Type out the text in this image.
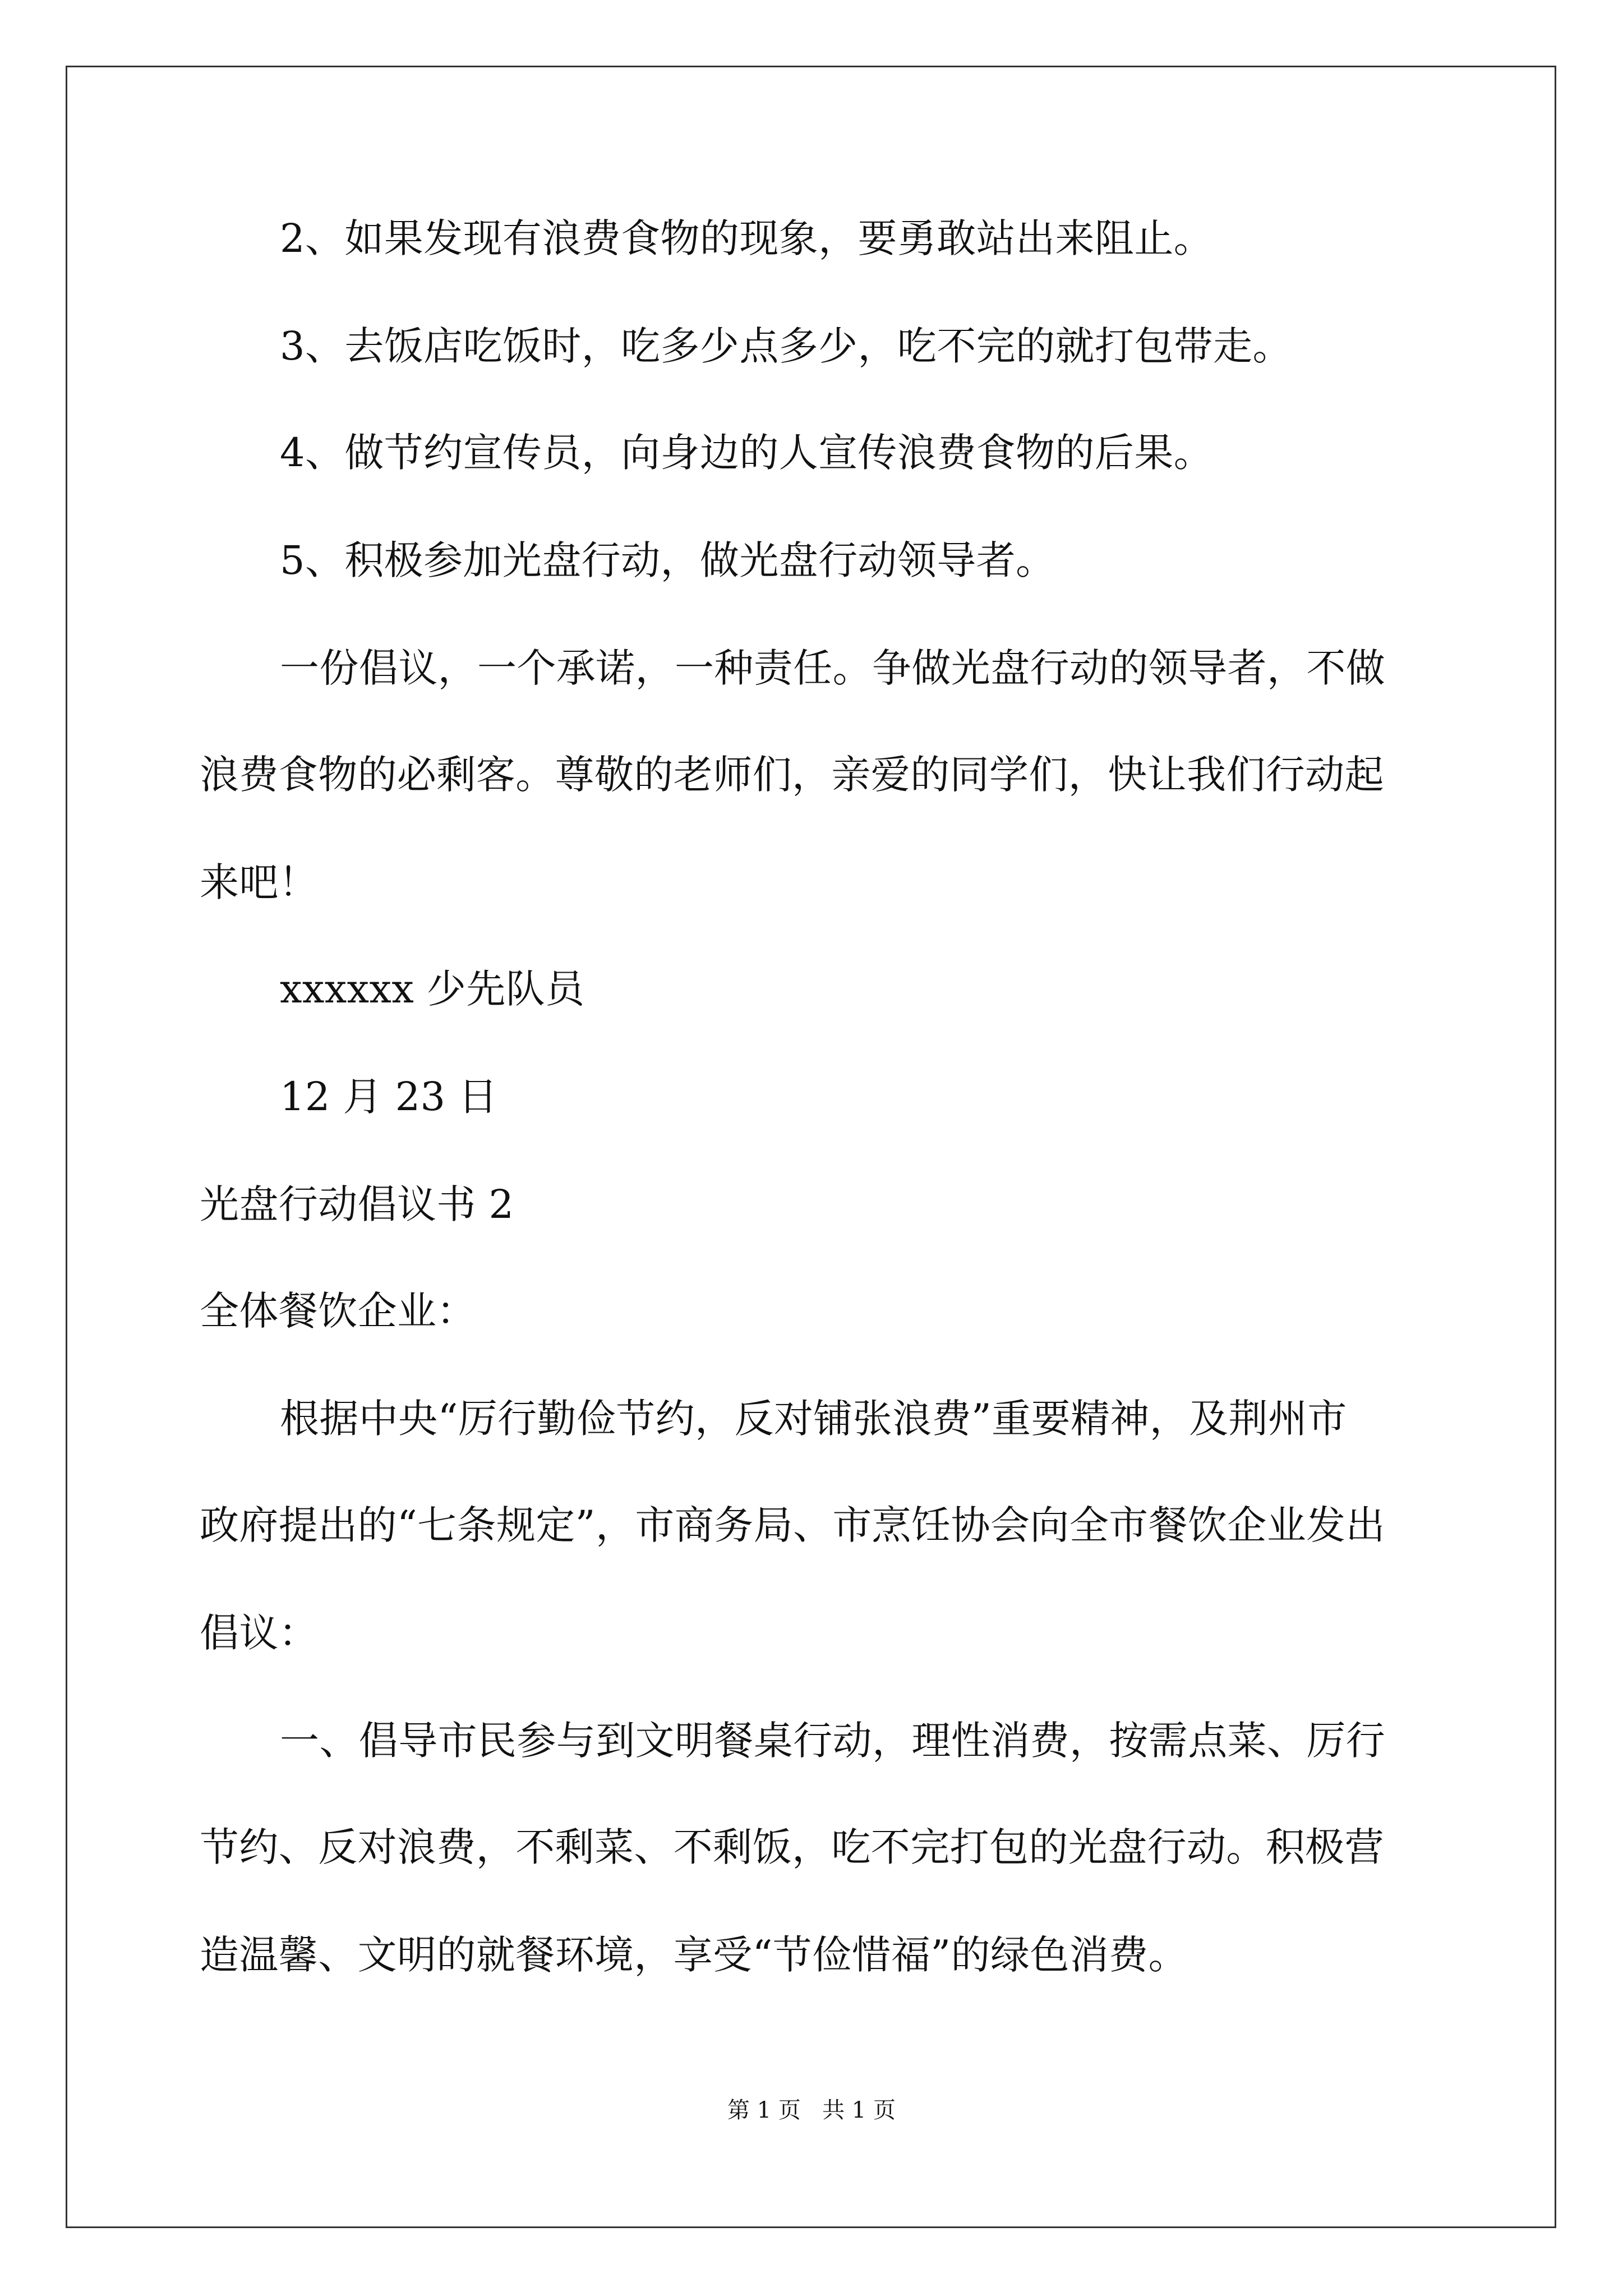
2、如果发现有浪费食物的现象，要勇敢站出来阻止。
3、去饭店吃饭时，吃多少点多少，吃不完的就打包带走。
4、做节约宣传员，向身边的人宣传浪费食物的后果。
5、积极参加光盘行动，做光盘行动领导者。
一份倡议，一个承诺，一种责任。争做光盘行动的领导者，不做
浪费食物的必剩客。尊敬的老师们，亲爱的同学们，快让我们行动起
来吧！
xxxxxx 少先队员
12 月 23 日
光盘行动倡议书 2
全体餐饮企业：
根据中央“厉行勤俭节约，反对铺张浪费”重要精神，及荆州市
政府提出的“七条规定”，市商务局、市烹饪协会向全市餐饮企业发出
倡议：
一、倡导市民参与到文明餐桌行动，理性消费，按需点菜、厉行
节约、反对浪费，不剩菜、不剩饭，吃不完打包的光盘行动。积极营
造温馨、文明的就餐环境，享受“节俭惜福”的绿色消费。
第 1 页   共 1 页
